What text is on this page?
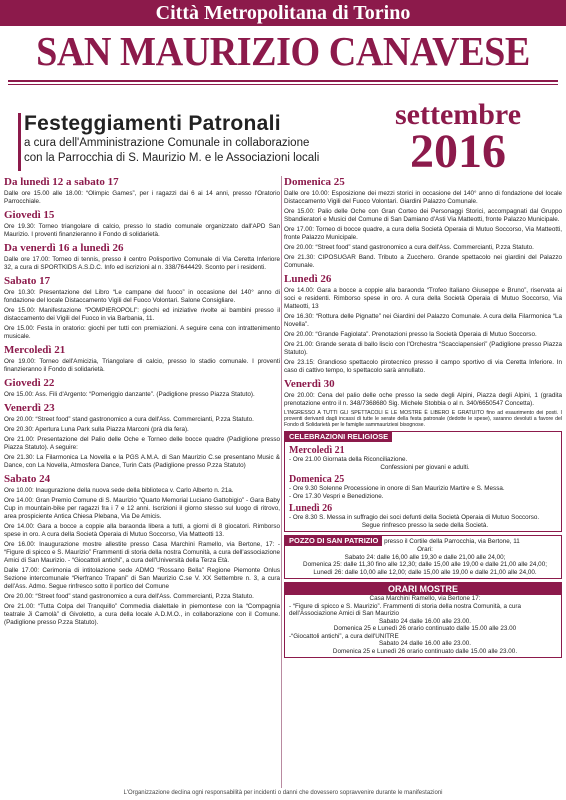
Città Metropolitana di Torino
SAN MAURIZIO CANAVESE
Festeggiamenti Patronali
a cura dell'Amministrazione Comunale in collaborazione
con la Parrocchia di S. Maurizio M. e le Associazioni locali
settembre
2016
Da lunedì 12 a sabato 17
Dalle ore 15.00 alle 18.00: “Olimpic Games”, per i ragazzi dai 6 ai 14 anni, presso l'Oratorio Parrocchiale.
Giovedì 15
Ore 19.30: Torneo triangolare di calcio, presso lo stadio comunale organizzato dall'APD San Maurizio. I proventi finanzieranno il Fondo di solidarietà.
Da venerdì 16 a lunedì 26
Dalle ore 17.00: Torneo di tennis, presso il centro Polisportivo Comunale di Via Ceretta Inferiore 32, a cura di SPORTKIDS A.S.D.C. Info ed iscrizioni al n. 338/7644429. Sconto per i residenti.
Sabato 17
Ore 10.30: Presentazione del Libro “Le campane del fuoco” in occasione del 140° anno di fondazione del locale Distaccamento Vigili del Fuoco Volontari. Salone Consigliare.
Ore 15.00: Manifestazione “POMPIEROPOLI”: giochi ed iniziative rivolte ai bambini presso il distaccamento dei Vigili del Fuoco in via Barbania, 11.
Ore 15.00: Festa in oratorio: giochi per tutti con premiazioni. A seguire cena con intrattenimento musicale.
Mercoledì 21
Ore 19.00: Torneo dell'Amicizia, Triangolare di calcio, presso lo stadio comunale. I proventi finanzieranno il Fondo di solidarietà.
Giovedì 22
Ore 15.00: Ass. Fili d'Argento: “Pomeriggio danzante”. (Padiglione presso Piazza Statuto).
Venerdì 23
Ore 20.00: “Street food” stand gastronomico a cura dell'Ass. Commercianti, P.zza Statuto.
Ore 20.30: Apertura Luna Park sulla Piazza Marconi (prà dla fera).
Ore 21.00: Presentazione del Palio delle Oche e Torneo delle bocce quadre (Padiglione presso Piazza Statuto). A seguire:
Ore 21.30: La Filarmonica La Novella e la PGS A.M.A. di San Maurizio C.se presentano Music & Dance, con La Novella, Atmosfera Dance, Turin Cats (Padiglione presso P.zza Statuto)
Sabato 24
Ore 10.00: Inaugurazione della nuova sede della biblioteca v. Carlo Alberto n. 21a.
Ore 14.00: Gran Premio Comune di S. Maurizio “Quarto Memorial Luciano Gattobigio” - Gara Baby Cup in mountain-bike per ragazzi fra i 7 e 12 anni. Iscrizioni il giorno stesso sul luogo di ritrovo, area prospiciente Antica Chiesa Plebana, Via De Amicis.
Ore 14.00: Gara a bocce a coppie alla baraonda libera a tutti, a giorni di 8 giocatori. Rimborso spese in oro. A cura della Società Operaia di Mutuo Soccorso, Via Matteotti 13.
Ore 16.00: Inaugurazione mostre allestite presso Casa Marchini Ramello, via Bertone, 17: - “Figure di spicco e S. Maurizio” Frammenti di storia della nostra Comunità, a cura dell'associazione Amici di San Maurizio. - “Giocattoli antichi”, a cura dell'Università della Terza Età.
Dalle 17.00: Cerimonia di intitolazione sede ADMO “Rossano Bella” Regione Piemonte Onlus Sezione intercomunale “Pierfranco Trapani” di San Maurizio C.se V. XX Settembre n. 3, a cura dell'Ass. Admo. Segue rinfresco sotto il portico del Comune
Ore 20.00: “Street food” stand gastronomico a cura dell'Ass. Commercianti, P.zza Statuto.
Ore 21.00: “Tutta Colpa del Tranquillo” Commedia dialettale in piemontese con la “Compagnia teatrale Ji Camolà” di Givoletto, a cura della locale A.D.M.O., in collaborazione con il Comune. (Padiglione presso P.zza Statuto).
Domenica 25
Dalle ore 10.00: Esposizione dei mezzi storici in occasione del 140° anno di fondazione del locale Distaccamento Vigili del Fuoco Volontari. Giardini Palazzo Comunale.
Ore 15.00: Palio delle Oche con Gran Corteo dei Personaggi Storici, accompagnati dal Gruppo Sbandieratori e Musici del Comune di San Damiano d'Asti Via Matteotti, fronte Palazzo Municipale.
Ore 17.00: Torneo di bocce quadre, a cura della Società Operaia di Mutuo Soccorso, Via Matteotti, fronte Palazzo Municipale.
Ore 20.00: “Street food” stand gastronomico a cura dell'Ass. Commercianti, P.zza Statuto.
Ore 21.30: CIPOSUGAR Band. Tributo a Zucchero. Grande spettacolo nei giardini del Palazzo Comunale.
Lunedì 26
Ore 14.00: Gara a bocce a coppie alla baraonda “Trofeo Italiano Giuseppe e Bruno”, riservata ai soci e residenti. Rimborso spese in oro. A cura della Società Operaia di Mutuo Soccorso, Via Matteotti, 13
Ore 16.30: “Rottura delle Pignatte” nei Giardini del Palazzo Comunale. A cura della Filarmonica “La Novella”.
Ore 20.00: “Grande Fagiolata”. Prenotazioni presso la Società Operaia di Mutuo Soccorso.
Ore 21.00: Grande serata di ballo liscio con l'Orchestra “Scacciapensieri” (Padiglione presso Piazza Statuto).
Ore 23.15: Grandioso spettacolo pirotecnico presso il campo sportivo di via Ceretta Inferiore. In caso di cattivo tempo, lo spettacolo sarà annullato.
Venerdì 30
Ore 20.00: Cena del palio delle oche presso la sede degli Alpini, Piazza degli Alpini, 1 (gradita prenotazione entro il n. 348/7368680 Sig. Michele Stobbia o al n. 340/6650547 Concetta).
L'INGRESSO A TUTTI GLI SPETTACOLI E LE MOSTRE È LIBERO E GRATUITO fino ad esaurimento dei posti. I proventi derivanti dagli incassi di tutte le serate della festa patronale (dedotte le spese), saranno devoluti a favore del Fondo di Solidarietà per le famiglie sammauriziesi bisognose.
CELEBRAZIONI RELIGIOSE
Mercoledì 21
- Ore 21.00 Giornata della Riconciliazione.
Confessioni per giovani e adulti.
Domenica 25
- Ore 9.30 Solenne Processione in onore di San Maurizio Martire e S. Messa.
- Ore 17.30 Vespri e Benedizione.
Lunedì 26
- Ore 8.30 S. Messa in suffragio dei soci defunti della Società Operaia di Mutuo Soccorso.
Segue rinfresco presso la sede della Società.
POZZO DI SAN PATRIZIO presso il Cortile della Parrocchia, via Bertone, 11
Orari:
Sabato 24: dalle 16,00 alle 19,30 e dalle 21,00 alle 24,00;
Domenica 25: dalle 11,30 fino alle 12,30; dalle 15,00 alle 19,00 e dalle 21,00 alle 24,00;
Lunedì 26: dalle 10,00 alle 12,00; dalle 15,00 alle 19,00 e dalle 21,00 alle 24,00.
ORARI MOSTRE
Casa Marchini Ramello, via Bertone 17:
- “Figure di spicco e S. Maurizio”. Frammenti di storia della nostra Comunità, a cura dell'Associazione Amici di San Maurizio
Sabato 24 dalle 16.00 alle 23.00.
Domenica 25 e Lunedì 26 orario continuato dalle 15.00 alle 23.00
-“Giocattoli antichi”, a cura dell'UNITRE
Sabato 24 dalle 16.00 alle 23.00.
Domenica 25 e Lunedì 26 orario continuato dalle 15.00 alle 23.00.
L'Organizzazione declina ogni responsabilità per incidenti o danni che dovessero sopravvenire durante le manifestazioni
